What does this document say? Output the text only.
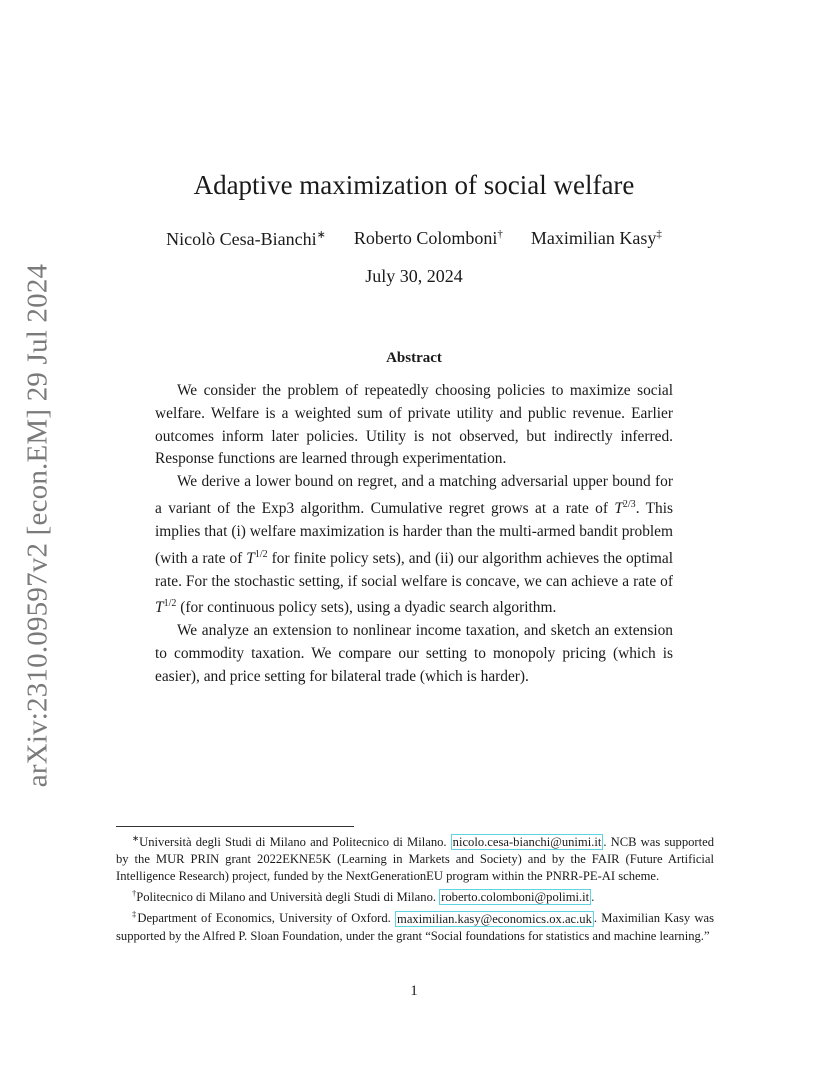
arXiv:2310.09597v2 [econ.EM] 29 Jul 2024
Adaptive maximization of social welfare
Nicolò Cesa-Bianchi∗ Roberto Colomboni† Maximilian Kasy‡
July 30, 2024
Abstract

We consider the problem of repeatedly choosing policies to maximize social welfare. Welfare is a weighted sum of private utility and public revenue. Earlier outcomes inform later policies. Utility is not observed, but indirectly inferred. Response functions are learned through experimentation.

We derive a lower bound on regret, and a matching adversarial upper bound for a variant of the Exp3 algorithm. Cumulative regret grows at a rate of $T^{2/3}$. This implies that (i) welfare maximization is harder than the multi-armed bandit problem (with a rate of $T^{1/2}$ for finite policy sets), and (ii) our algorithm achieves the optimal rate. For the stochastic setting, if social welfare is concave, we can achieve a rate of $T^{1/2}$ (for continuous policy sets), using a dyadic search algorithm.

We analyze an extension to nonlinear income taxation, and sketch an extension to commodity taxation. We compare our setting to monopoly pricing (which is easier), and price setting for bilateral trade (which is harder).

∗Università degli Studi di Milano and Politecnico di Milano. nicolo.cesa-bianchi@unimi.it . NCB was supported by the MUR PRIN grant 2022EKNE5K (Learning in Markets and Society) and by the FAIR (Future Artificial Intelligence Research) project, funded by the NextGenerationEU program within the PNRR-PE-AI scheme.

†Politecnico di Milano and Università degli Studi di Milano. roberto.colomboni@polimi.it .

‡Department of Economics, University of Oxford. maximilian.kasy@economics.ox.ac.uk . Maximilian Kasy was supported by the Alfred P. Sloan Foundation, under the grant “Social foundations for statistics and machine learning.”

1
